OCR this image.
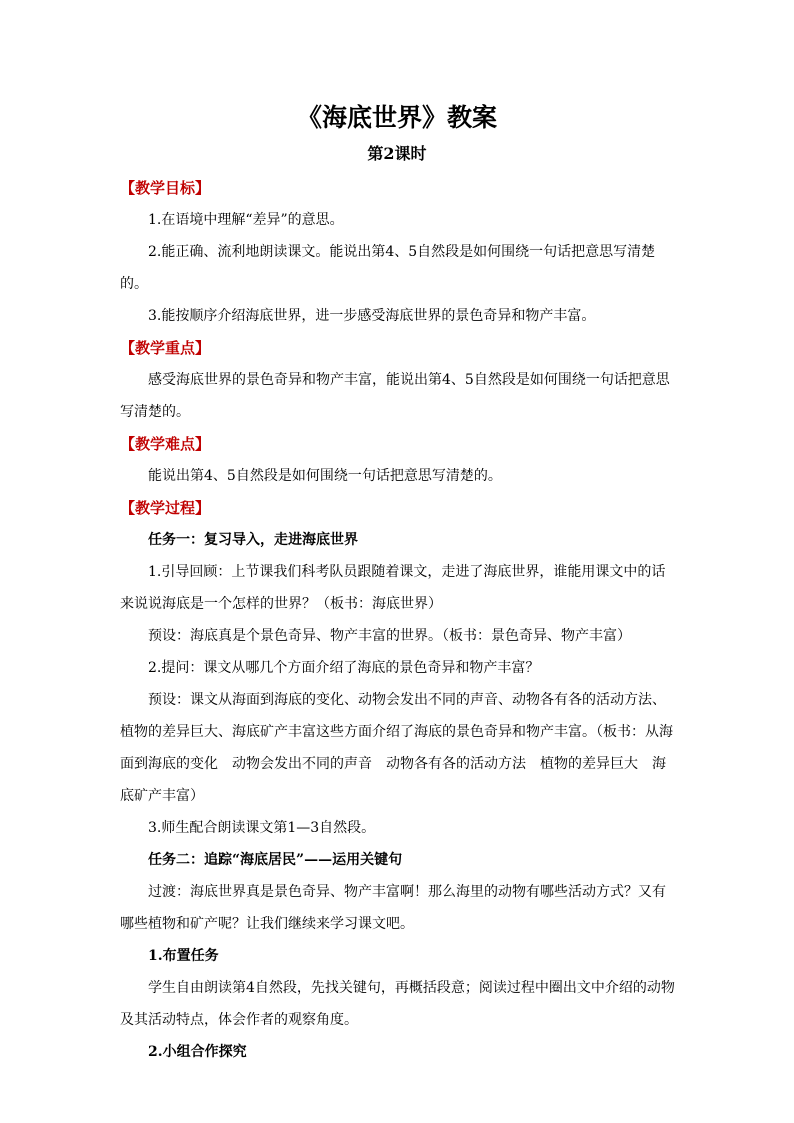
《海底世界》教案
第2课时

【教学目标】

1.在语境中理解“差异”的意思。

2.能正确、流利地朗读课文。能说出第4、5自然段是如何围绕一句话把意思写清楚的。

3.能按顺序介绍海底世界，进一步感受海底世界的景色奇异和物产丰富。

【教学重点】

感受海底世界的景色奇异和物产丰富，能说出第4、5自然段是如何围绕一句话把意思写清楚的。

【教学难点】

能说出第4、5自然段是如何围绕一句话把意思写清楚的。

【教学过程】

任务一：复习导入，走进海底世界

1.引导回顾：上节课我们科考队员跟随着课文，走进了海底世界，谁能用课文中的话来说说海底是一个怎样的世界？（板书：海底世界）

预设：海底真是个景色奇异、物产丰富的世界。（板书：景色奇异、物产丰富）

2.提问：课文从哪几个方面介绍了海底的景色奇异和物产丰富？

预设：课文从海面到海底的变化、动物会发出不同的声音、动物各有各的活动方法、植物的差异巨大、海底矿产丰富这些方面介绍了海底的景色奇异和物产丰富。（板书：从海面到海底的变化　动物会发出不同的声音　动物各有各的活动方法　植物的差异巨大　海底矿产丰富）

3.师生配合朗读课文第1—3自然段。

任务二：追踪“海底居民”——运用关键句

过渡：海底世界真是景色奇异、物产丰富啊！那么海里的动物有哪些活动方式？又有哪些植物和矿产呢？让我们继续来学习课文吧。

1.布置任务

学生自由朗读第4自然段，先找关键句，再概括段意；阅读过程中圈出文中介绍的动物及其活动特点，体会作者的观察角度。

2.小组合作探究
